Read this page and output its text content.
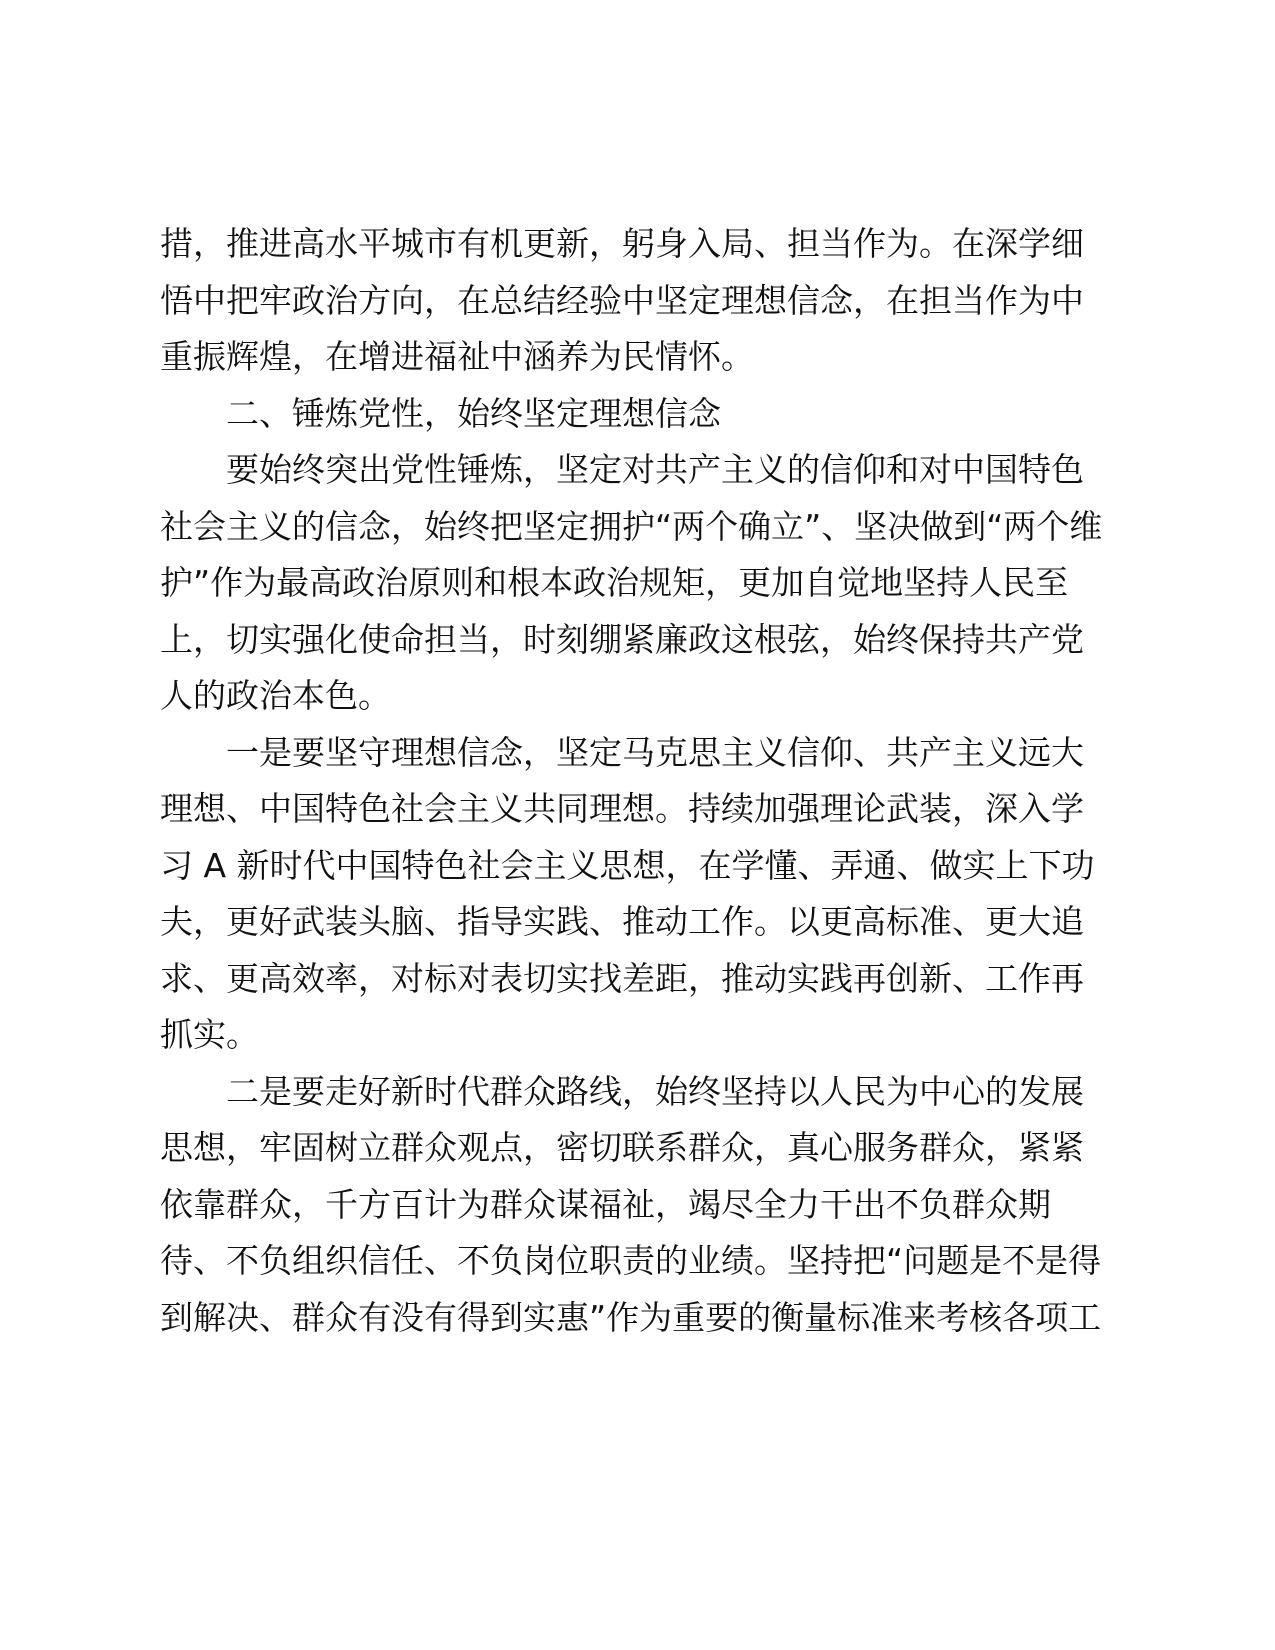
措，推进高水平城市有机更新，躬身入局、担当作为。在深学细
悟中把牢政治方向，在总结经验中坚定理想信念，在担当作为中
重振辉煌，在增进福祉中涵养为民情怀。
二、锤炼党性，始终坚定理想信念
要始终突出党性锤炼，坚定对共产主义的信仰和对中国特色
社会主义的信念，始终把坚定拥护“两个确立”、坚决做到“两个维
护”作为最高政治原则和根本政治规矩，更加自觉地坚持人民至
上，切实强化使命担当，时刻绷紧廉政这根弦，始终保持共产党
人的政治本色。
一是要坚守理想信念，坚定马克思主义信仰、共产主义远大
理想、中国特色社会主义共同理想。持续加强理论武装，深入学
习 A 新时代中国特色社会主义思想，在学懂、弄通、做实上下功
夫，更好武装头脑、指导实践、推动工作。以更高标准、更大追
求、更高效率，对标对表切实找差距，推动实践再创新、工作再
抓实。
二是要走好新时代群众路线，始终坚持以人民为中心的发展
思想，牢固树立群众观点，密切联系群众，真心服务群众，紧紧
依靠群众，千方百计为群众谋福祉，竭尽全力干出不负群众期
待、不负组织信任、不负岗位职责的业绩。坚持把“问题是不是得
到解决、群众有没有得到实惠”作为重要的衡量标准来考核各项工
